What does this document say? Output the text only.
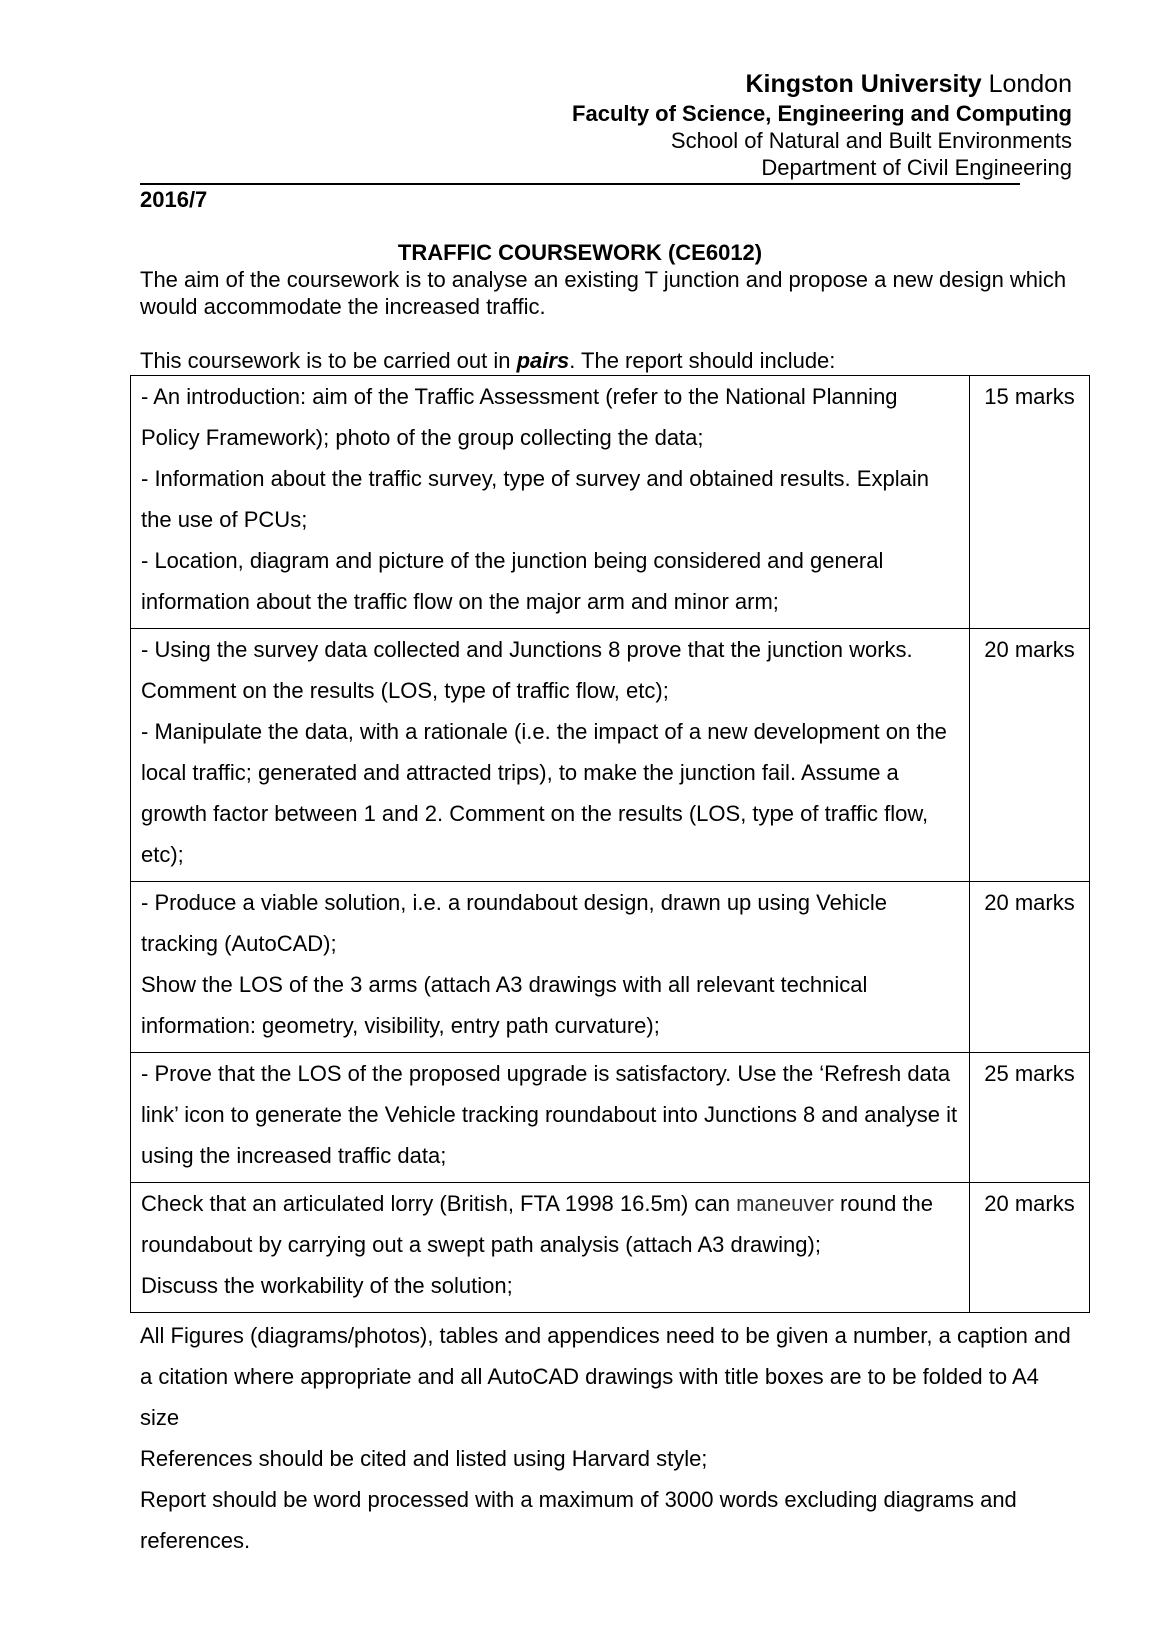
Kingston University London
Faculty of Science, Engineering and Computing
School of Natural and Built Environments
Department of Civil Engineering
2016/7
TRAFFIC COURSEWORK (CE6012)

The aim of the coursework is to analyse an existing T junction and propose a new design which would accommodate the increased traffic.

This coursework is to be carried out in pairs. The report should include:

- An introduction: aim of the Traffic Assessment (refer to the National Planning Policy Framework); photo of the group collecting the data;

- Information about the traffic survey, type of survey and obtained results. Explain the use of PCUs;

- Location, diagram and picture of the junction being considered and general information about the traffic flow on the major arm and minor arm;	15 marks

- Using the survey data collected and Junctions 8 prove that the junction works. Comment on the results (LOS, type of traffic flow, etc);

- Manipulate the data, with a rationale (i.e. the impact of a new development on the local traffic; generated and attracted trips), to make the junction fail. Assume a growth factor between 1 and 2. Comment on the results (LOS, type of traffic flow, etc);	20 marks

- Produce a viable solution, i.e. a roundabout design, drawn up using Vehicle tracking (AutoCAD);

Show the LOS of the 3 arms (attach A3 drawings with all relevant technical information: geometry, visibility, entry path curvature);	20 marks

- Prove that the LOS of the proposed upgrade is satisfactory. Use the ‘Refresh data link’ icon to generate the Vehicle tracking roundabout into Junctions 8 and analyse it using the increased traffic data;	25 marks

Check that an articulated lorry (British, FTA 1998 16.5m) can maneuver round the roundabout by carrying out a swept path analysis (attach A3 drawing);

Discuss the workability of the solution;	20 marks

All Figures (diagrams/photos), tables and appendices need to be given a number, a caption and a citation where appropriate and all AutoCAD drawings with title boxes are to be folded to A4 size

References should be cited and listed using Harvard style;

Report should be word processed with a maximum of 3000 words excluding diagrams and references.
